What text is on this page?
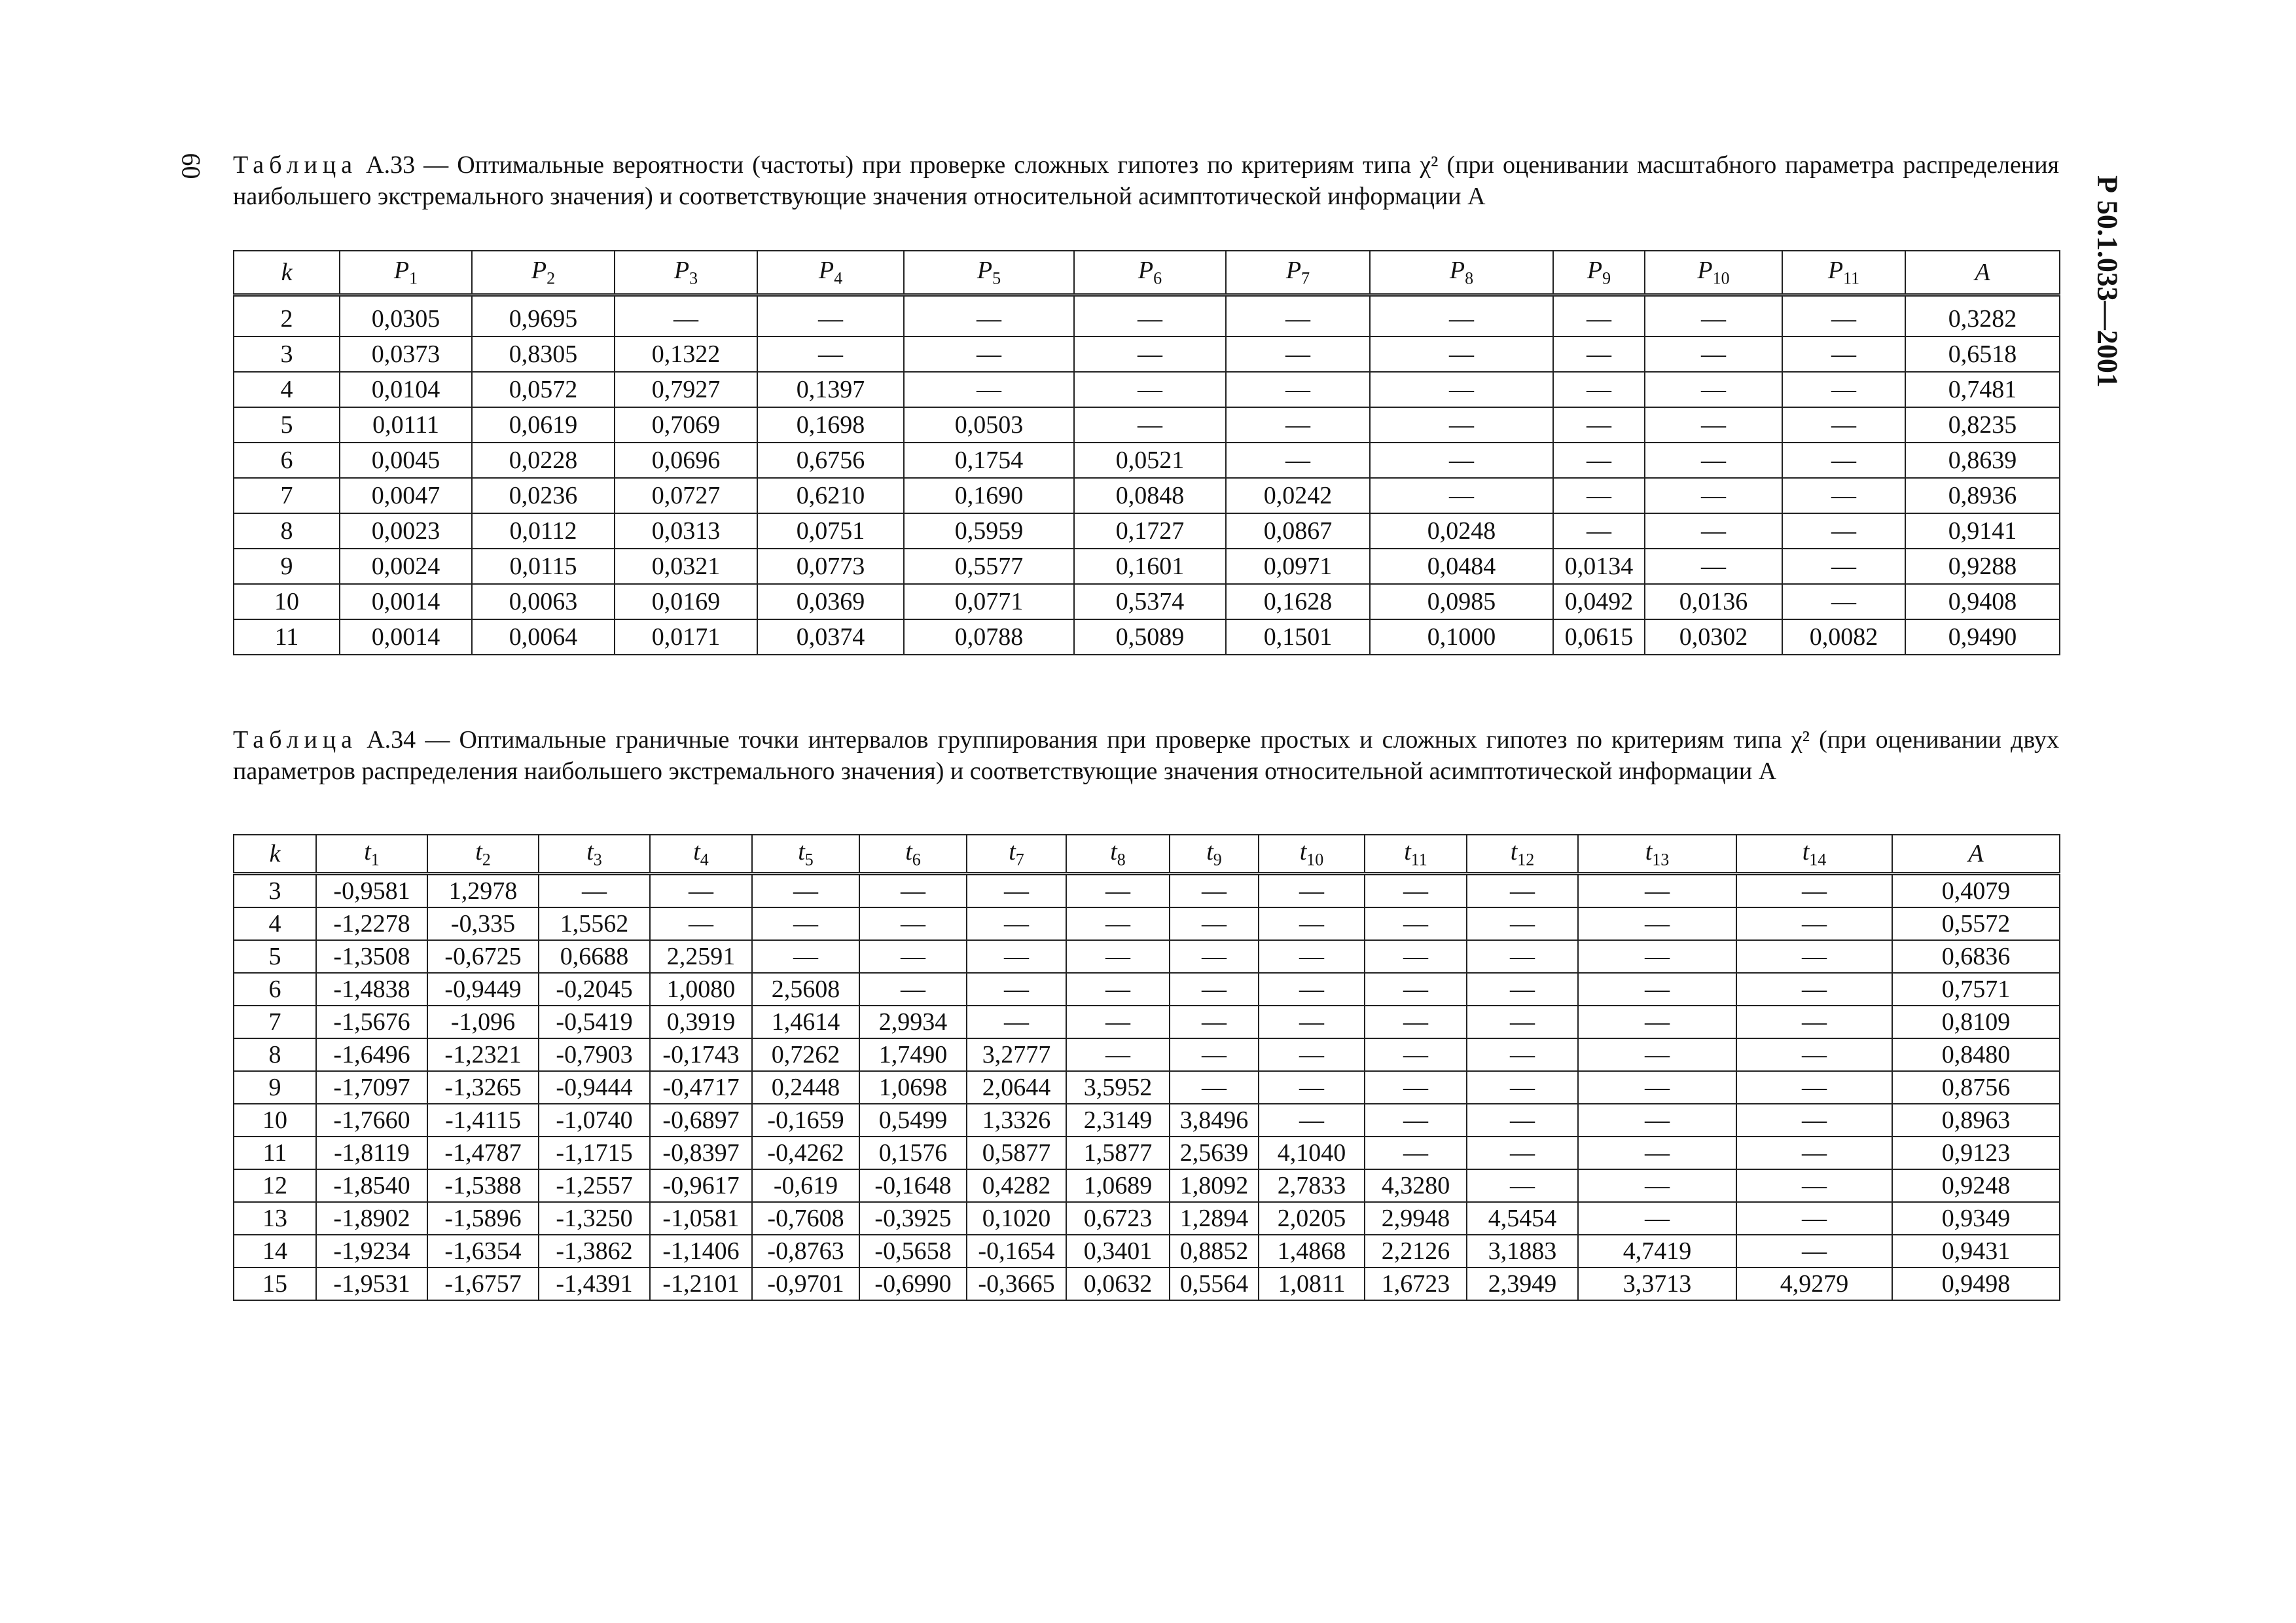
60
Р 50.1.033—2001
Таблица А.33 — Оптимальные вероятности (частоты) при проверке сложных гипотез по критериям типа χ² (при оценивании масштабного параметра распределения наибольшего экстремального значения) и соответствующие значения относительной асимптотической информации A
k	$P_1$	$P_2$	$P_3$	$P_4$	$P_5$	$P_6$	$P_7$	$P_8$	$P_9$	$P_{10}$	$P_{11}$	A
2	0,0305	0,9695	—	—	—	—	—	—	—	—	—	0,3282
3	0,0373	0,8305	0,1322	—	—	—	—	—	—	—	—	0,6518
4	0,0104	0,0572	0,7927	0,1397	—	—	—	—	—	—	—	0,7481
5	0,0111	0,0619	0,7069	0,1698	0,0503	—	—	—	—	—	—	0,8235
6	0,0045	0,0228	0,0696	0,6756	0,1754	0,0521	—	—	—	—	—	0,8639
7	0,0047	0,0236	0,0727	0,6210	0,1690	0,0848	0,0242	—	—	—	—	0,8936
8	0,0023	0,0112	0,0313	0,0751	0,5959	0,1727	0,0867	0,0248	—	—	—	0,9141
9	0,0024	0,0115	0,0321	0,0773	0,5577	0,1601	0,0971	0,0484	0,0134	—	—	0,9288
10	0,0014	0,0063	0,0169	0,0369	0,0771	0,5374	0,1628	0,0985	0,0492	0,0136	—	0,9408
11	0,0014	0,0064	0,0171	0,0374	0,0788	0,5089	0,1501	0,1000	0,0615	0,0302	0,0082	0,9490
Таблица А.34 — Оптимальные граничные точки интервалов группирования при проверке простых и сложных гипотез по критериям типа χ² (при оценивании двух параметров распределения наибольшего экстремального значения) и соответствующие значения относительной асимптотической информации A
k	$t_1$	$t_2$	$t_3$	$t_4$	$t_5$	$t_6$	$t_7$	$t_8$	$t_9$	$t_{10}$	$t_{11}$	$t_{12}$	$t_{13}$	$t_{14}$	A
3	-0,9581	1,2978	—	—	—	—	—	—	—	—	—	—	—	—	0,4079
4	-1,2278	-0,335	1,5562	—	—	—	—	—	—	—	—	—	—	—	0,5572
5	-1,3508	-0,6725	0,6688	2,2591	—	—	—	—	—	—	—	—	—	—	0,6836
6	-1,4838	-0,9449	-0,2045	1,0080	2,5608	—	—	—	—	—	—	—	—	—	0,7571
7	-1,5676	-1,096	-0,5419	0,3919	1,4614	2,9934	—	—	—	—	—	—	—	—	0,8109
8	-1,6496	-1,2321	-0,7903	-0,1743	0,7262	1,7490	3,2777	—	—	—	—	—	—	—	0,8480
9	-1,7097	-1,3265	-0,9444	-0,4717	0,2448	1,0698	2,0644	3,5952	—	—	—	—	—	—	0,8756
10	-1,7660	-1,4115	-1,0740	-0,6897	-0,1659	0,5499	1,3326	2,3149	3,8496	—	—	—	—	—	0,8963
11	-1,8119	-1,4787	-1,1715	-0,8397	-0,4262	0,1576	0,5877	1,5877	2,5639	4,1040	—	—	—	—	0,9123
12	-1,8540	-1,5388	-1,2557	-0,9617	-0,619	-0,1648	0,4282	1,0689	1,8092	2,7833	4,3280	—	—	—	0,9248
13	-1,8902	-1,5896	-1,3250	-1,0581	-0,7608	-0,3925	0,1020	0,6723	1,2894	2,0205	2,9948	4,5454	—	—	0,9349
14	-1,9234	-1,6354	-1,3862	-1,1406	-0,8763	-0,5658	-0,1654	0,3401	0,8852	1,4868	2,2126	3,1883	4,7419	—	0,9431
15	-1,9531	-1,6757	-1,4391	-1,2101	-0,9701	-0,6990	-0,3665	0,0632	0,5564	1,0811	1,6723	2,3949	3,3713	4,9279	0,9498
